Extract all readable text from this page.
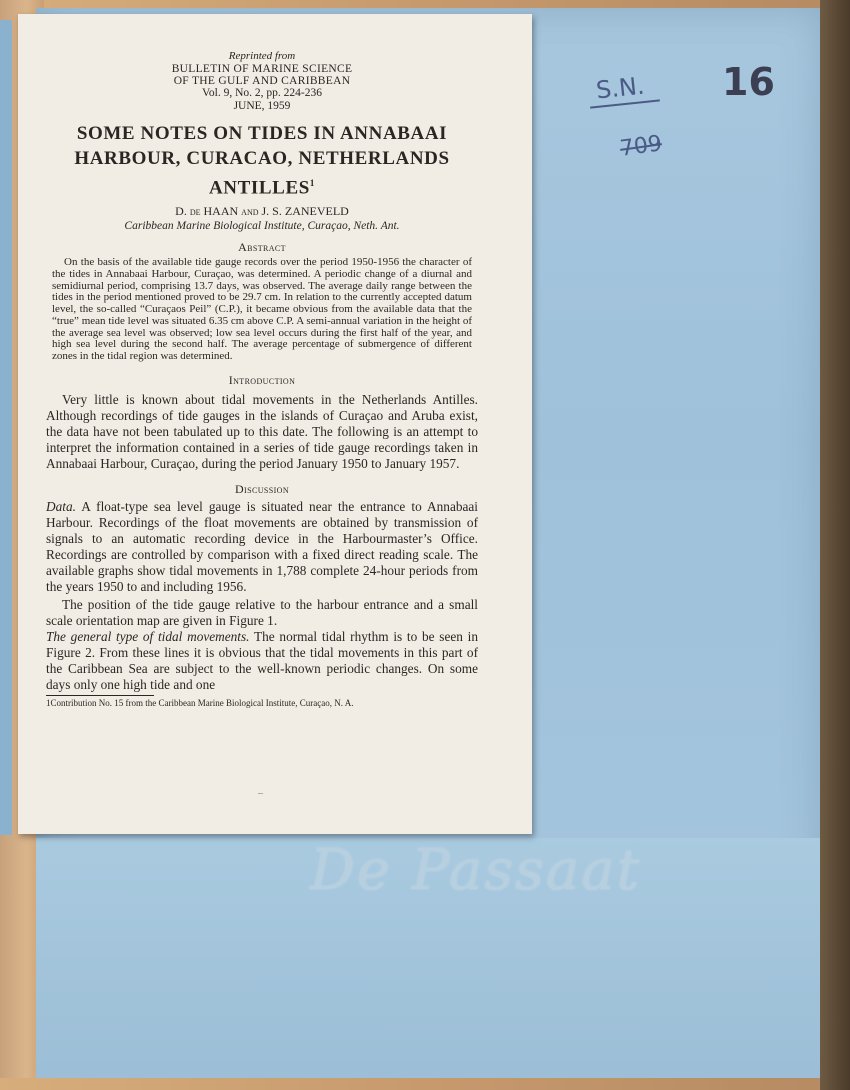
De Passaat
S.N.
709
16

Reprinted from

BULLETIN OF MARINE SCIENCE

OF THE GULF AND CARIBBEAN

Vol. 9, No. 2, pp. 224-236

JUNE, 1959

SOME NOTES ON TIDES IN ANNABAAI
HARBOUR, CURACAO, NETHERLANDS
ANTILLES$^1$

D. de HAAN and J. S. ZANEVELD

Caribbean Marine Biological Institute, Curaçao, Neth. Ant.

Abstract

On the basis of the available tide gauge records over the period 1950-1956 the character of the tides in Annabaai Harbour, Curaçao, was determined. A periodic change of a diurnal and semidiurnal period, comprising 13.7 days, was observed. The average daily range between the tides in the period mentioned proved to be 29.7 cm. In relation to the currently accepted datum level, the so-called “Curaçaos Peil” (C.P.), it became obvious from the available data that the “true” mean tide level was situated 6.35 cm above C.P. A semi-annual variation in the height of the average sea level was observed; low sea level occurs during the first half of the year, and high sea level during the second half. The average percentage of submergence of different zones in the tidal region was determined.

Introduction

Very little is known about tidal movements in the Netherlands Antilles. Although recordings of tide gauges in the islands of Curaçao and Aruba exist, the data have not been tabulated up to this date. The following is an attempt to interpret the information contained in a series of tide gauge recordings taken in Annabaai Harbour, Curaçao, during the period January 1950 to January 1957.

Discussion

Data. A float-type sea level gauge is situated near the entrance to Annabaai Harbour. Recordings of the float movements are obtained by transmission of signals to an automatic recording device in the Harbourmaster’s Office. Recordings are controlled by comparison with a fixed direct reading scale. The available graphs show tidal movements in 1,788 complete 24-hour periods from the years 1950 to and including 1956.

The position of the tide gauge relative to the harbour entrance and a small scale orientation map are given in Figure 1.

The general type of tidal movements. The normal tidal rhythm is to be seen in Figure 2. From these lines it is obvious that the tidal movements in this part of the Caribbean Sea are subject to the well-known periodic changes. On some days only one high tide and one

1Contribution No. 15 from the Caribbean Marine Biological Institute, Curaçao, N. A.

–
